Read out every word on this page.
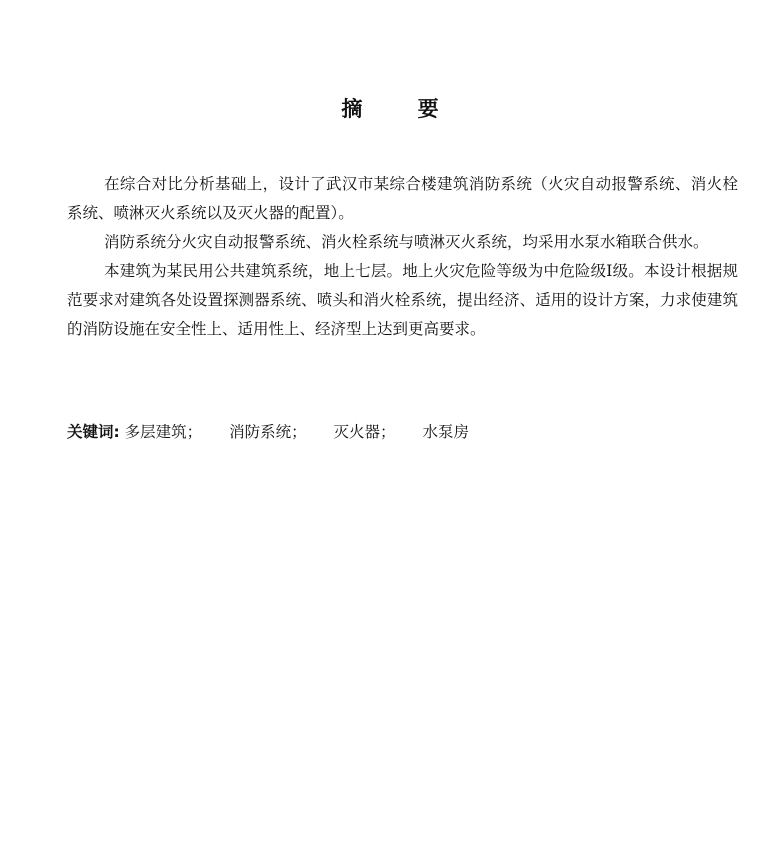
摘 要

在综合对比分析基础上，设计了武汉市某综合楼建筑消防系统（火灾自动报警系统、消火栓系统、喷淋灭火系统以及灭火器的配置）。

消防系统分火灾自动报警系统、消火栓系统与喷淋灭火系统，均采用水泵水箱联合供水。

本建筑为某民用公共建筑系统，地上七层。地上火灾危险等级为中危险级Ⅰ级。本设计根据规范要求对建筑各处设置探测器系统、喷头和消火栓系统，提出经济、适用的设计方案，力求使建筑的消防设施在安全性上、适用性上、经济型上达到更高要求。

关键词: 多层建筑； 消防系统； 灭火器； 水泵房
